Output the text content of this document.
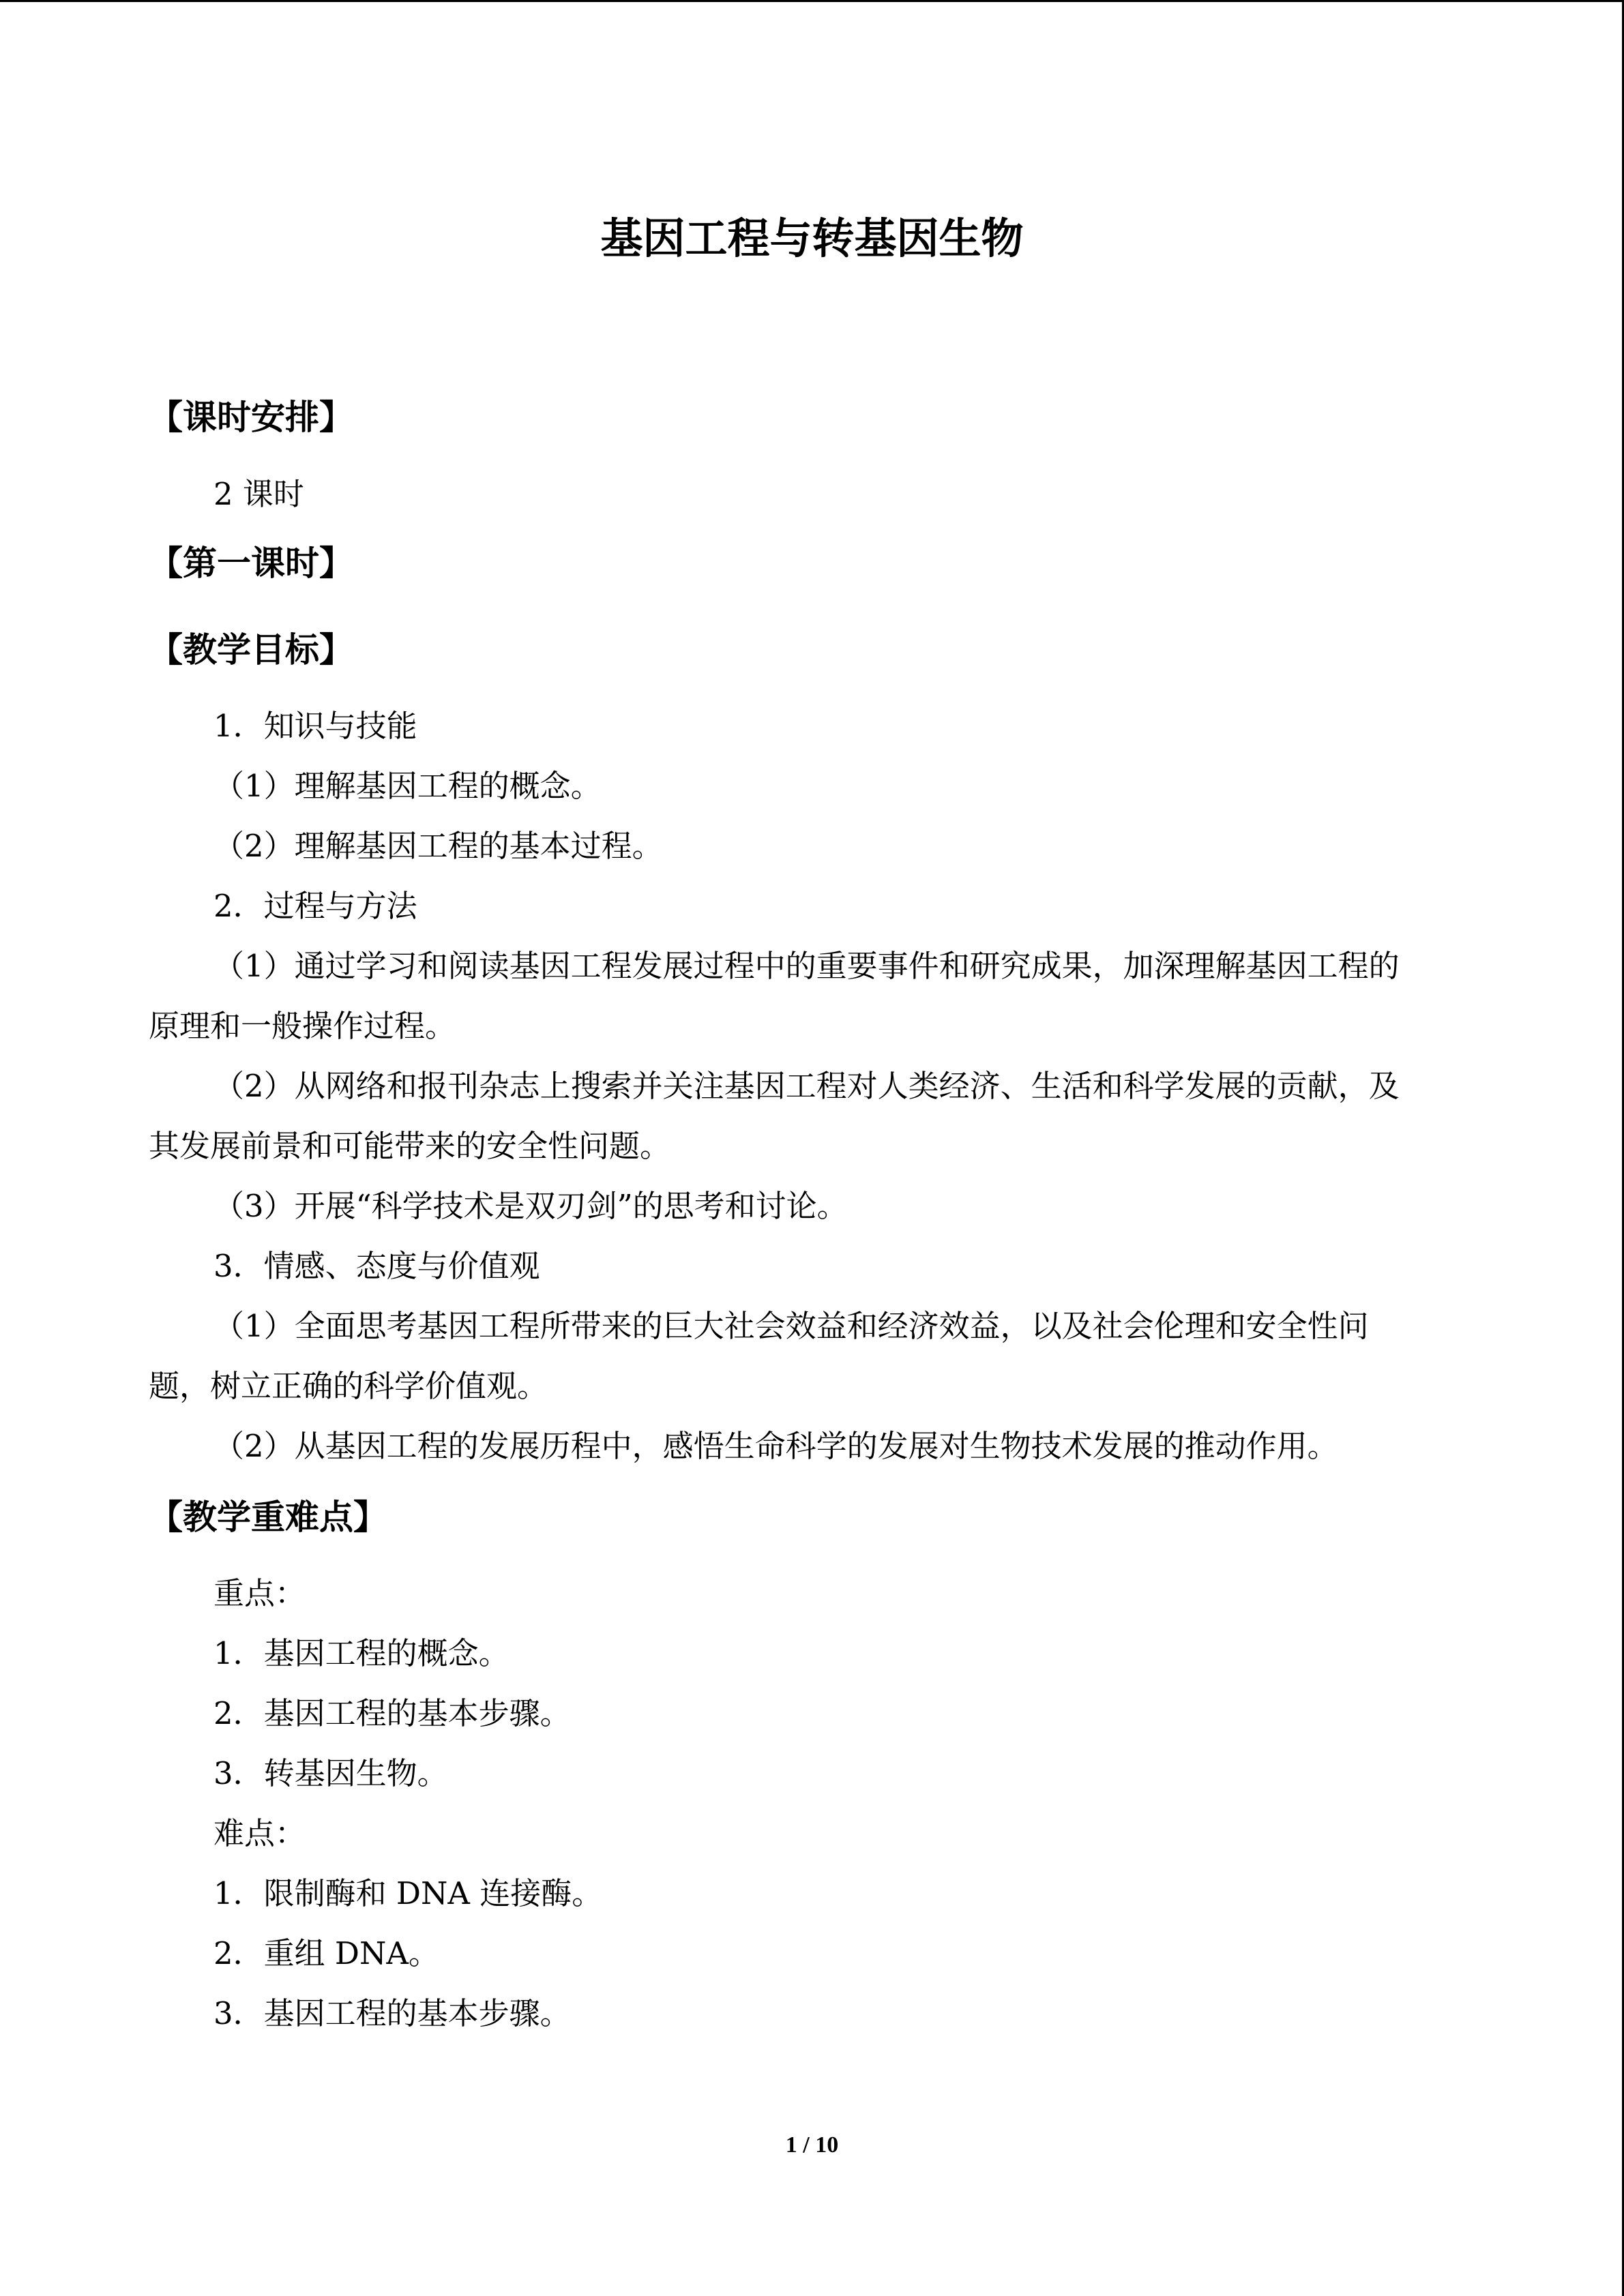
基因工程与转基因生物
【课时安排】
2 课时
【第一课时】
【教学目标】
1．知识与技能
（1）理解基因工程的概念。
（2）理解基因工程的基本过程。
2．过程与方法
（1）通过学习和阅读基因工程发展过程中的重要事件和研究成果，加深理解基因工程的
原理和一般操作过程。
（2）从网络和报刊杂志上搜索并关注基因工程对人类经济、生活和科学发展的贡献，及
其发展前景和可能带来的安全性问题。
（3）开展“科学技术是双刃剑”的思考和讨论。
3．情感、态度与价值观
（1）全面思考基因工程所带来的巨大社会效益和经济效益，以及社会伦理和安全性问
题，树立正确的科学价值观。
（2）从基因工程的发展历程中，感悟生命科学的发展对生物技术发展的推动作用。
【教学重难点】
重点：
1．基因工程的概念。
2．基因工程的基本步骤。
3．转基因生物。
难点：
1．限制酶和 DNA 连接酶。
2．重组 DNA。
3．基因工程的基本步骤。
1 / 10
